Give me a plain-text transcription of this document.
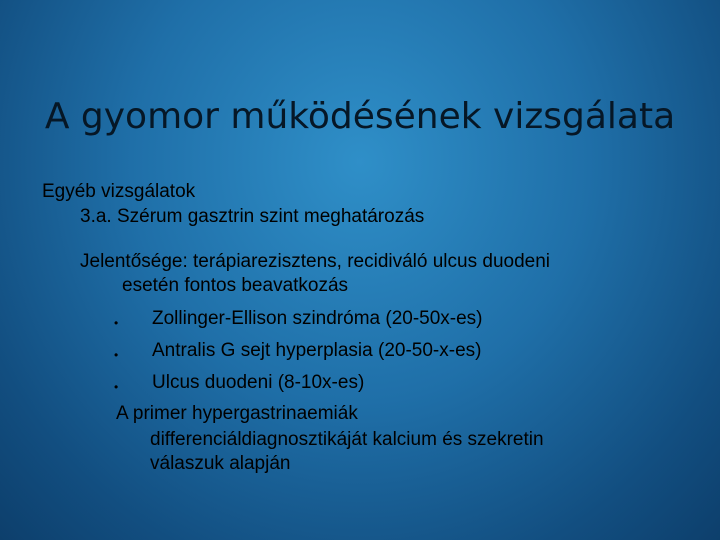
A gyomor működésének vizsgálata
Egyéb vizsgálatok
3.a. Szérum gasztrin szint meghatározás
Jelentősége: terápiarezisztens, recidiváló ulcus duodeni
esetén fontos beavatkozás
• Zollinger-Ellison szindróma (20-50x-es)
• Antralis G sejt hyperplasia (20-50-x-es)
• Ulcus duodeni (8-10x-es)
A primer hypergastrinaemiák
differenciáldiagnosztikáját kalcium és szekretin
válaszuk alapján
